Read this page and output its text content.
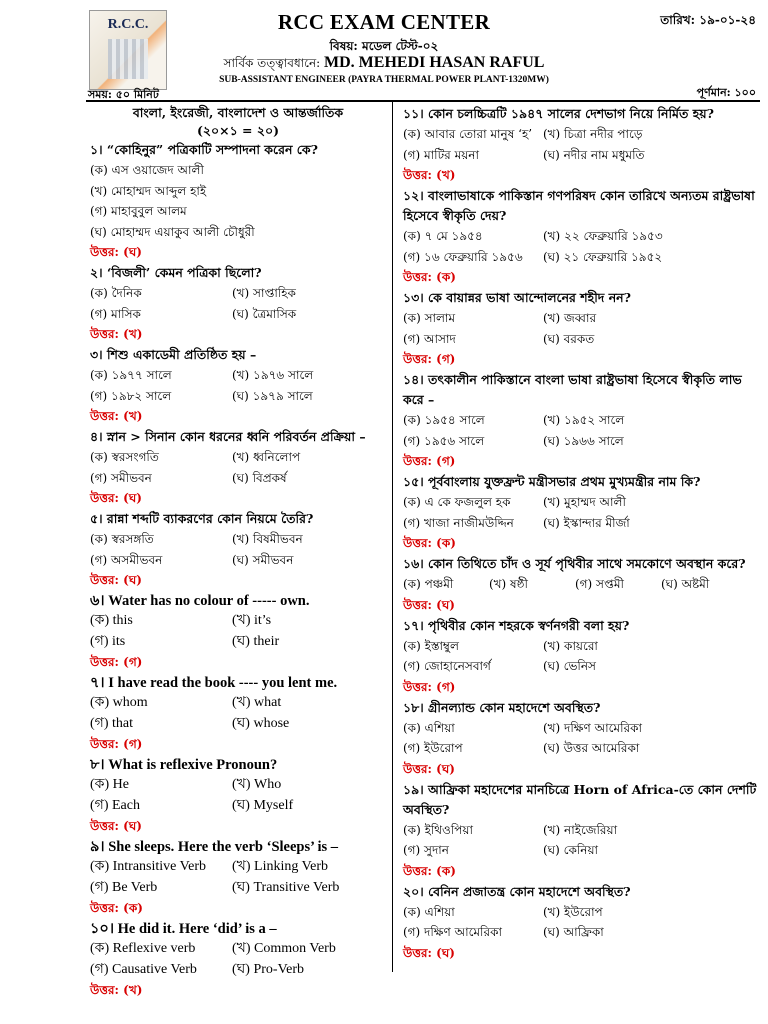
R.C.C.	RCC EXAM CENTER	তারিখ: ১৯-০১-২৪
বিষয়: মডেল টেস্ট-০২
সার্বিক তত্ত্বাবধানে: MD. MEHEDI HASAN RAFUL
SUB-ASSISTANT ENGINEER (PAYRA THERMAL POWER PLANT-1320MW)
সময়: ৫০ মিনিট	পূর্ণমান: ১০০
বাংলা, ইংরেজী, বাংলাদেশ ও আন্তর্জাতিক
(২০×১ = ২০)
১। “কোহিনুর” পত্রিকাটি সম্পাদনা করেন কে?
(ক) এস ওয়াজেদ আলী
(খ) মোহাম্মদ আব্দুল হাই
(গ) মাহাবুবুল আলম
(ঘ) মোহাম্মদ এয়াকুব আলী চৌধুরী
উত্তর: (ঘ)
২। ‘বিজলী’ কেমন পত্রিকা ছিলো?
(ক) দৈনিক	(খ) সাপ্তাহিক
(গ) মাসিক	(ঘ) ত্রৈমাসিক
উত্তর: (খ)
৩। শিশু একাডেমী প্রতিষ্ঠিত হয় –
(ক) ১৯৭৭ সালে	(খ) ১৯৭৬ সালে
(গ) ১৯৮২ সালে	(ঘ) ১৯৭৯ সালে
উত্তর: (খ)
৪। স্নান > সিনান কোন ধরনের ধ্বনি পরিবর্তন প্রক্রিয়া –
(ক) স্বরসংগতি	(খ) ধ্বনিলোপ
(গ) সমীভবন	(ঘ) বিপ্রকর্ষ
উত্তর: (ঘ)
৫। রান্না শব্দটি ব্যাকরণের কোন নিয়মে তৈরি?
(ক) স্বরসঙ্গতি	(খ) বিষমীভবন
(গ) অসমীভবন	(ঘ) সমীভবন
উত্তর: (ঘ)
৬। Water has no colour of ----- own.
(ক) this	(খ) it’s
(গ) its	(ঘ) their
উত্তর: (গ)
৭। I have read the book ---- you lent me.
(ক) whom	(খ) what
(গ) that	(ঘ) whose
উত্তর: (গ)
৮। What is reflexive Pronoun?
(ক) He	(খ) Who
(গ) Each	(ঘ) Myself
উত্তর: (ঘ)
৯। She sleeps. Here the verb ‘Sleeps’ is –
(ক) Intransitive Verb	(খ) Linking Verb
(গ) Be Verb	(ঘ) Transitive Verb
উত্তর: (ক)
১০। He did it. Here ‘did’ is a –
(ক) Reflexive verb	(খ) Common Verb
(গ) Causative Verb	(ঘ) Pro-Verb
উত্তর: (খ)
১১। কোন চলচ্চিত্রটি ১৯৪৭ সালের দেশভাগ নিয়ে নির্মিত হয়?
(ক) আবার তোরা মানুষ ‘হ’ (খ) চিত্রা নদীর পাড়ে
(গ) মাটির ময়না	(ঘ) নদীর নাম মধুমতি
উত্তর: (খ)
১২। বাংলাভাষাকে পাকিস্তান গণপরিষদ কোন তারিখে অন্যতম রাষ্ট্রভাষা হিসেবে স্বীকৃতি দেয়?
(ক) ৭ মে ১৯৫৪	(খ) ২২ ফেব্রুয়ারি ১৯৫৩
(গ) ১৬ ফেব্রুয়ারি ১৯৫৬	(ঘ) ২১ ফেব্রুয়ারি ১৯৫২
উত্তর: (ক)
১৩। কে বায়ান্নর ভাষা আন্দোলনের শহীদ নন?
(ক) সালাম	(খ) জব্বার
(গ) আসাদ	(ঘ) বরকত
উত্তর: (গ)
১৪। তৎকালীন পাকিস্তানে বাংলা ভাষা রাষ্ট্রভাষা হিসেবে স্বীকৃতি লাভ করে –
(ক) ১৯৫৪ সালে	(খ) ১৯৫২ সালে
(গ) ১৯৫৬ সালে	(ঘ) ১৯৬৬ সালে
উত্তর: (গ)
১৫। পূর্ববাংলায় যুক্তফ্রন্ট মন্ত্রীসভার প্রথম মুখ্যমন্ত্রীর নাম কি?
(ক) এ কে ফজলুল হক	(খ) মুহাম্মদ আলী
(গ) খাজা নাজীমউদ্দিন	(ঘ) ইস্কান্দার মীর্জা
উত্তর: (ক)
১৬। কোন তিথিতে চাঁদ ও সূর্য পৃথিবীর সাথে সমকোণে অবস্থান করে?
(ক) পঞ্চমী	(খ) ষষ্ঠী	(গ) সপ্তমী	(ঘ) অষ্টমী
উত্তর: (ঘ)
১৭। পৃথিবীর কোন শহরকে স্বর্ণনগরী বলা হয়?
(ক) ইস্তাম্বুল	(খ) কায়রো
(গ) জোহানেসবার্গ	(ঘ) ভেনিস
উত্তর: (গ)
১৮। গ্রীনল্যান্ড কোন মহাদেশে অবস্থিত?
(ক) এশিয়া	(খ) দক্ষিণ আমেরিকা
(গ) ইউরোপ	(ঘ) উত্তর আমেরিকা
উত্তর: (ঘ)
১৯। আফ্রিকা মহাদেশের মানচিত্রে Horn of Africa-তে কোন দেশটি অবস্থিত?
(ক) ইথিওপিয়া	(খ) নাইজেরিয়া
(গ) সুদান	(ঘ) কেনিয়া
উত্তর: (ক)
২০। বেনিন প্রজাতন্ত্র কোন মহাদেশে অবস্থিত?
(ক) এশিয়া	(খ) ইউরোপ
(গ) দক্ষিণ আমেরিকা	(ঘ) আফ্রিকা
উত্তর: (ঘ)
